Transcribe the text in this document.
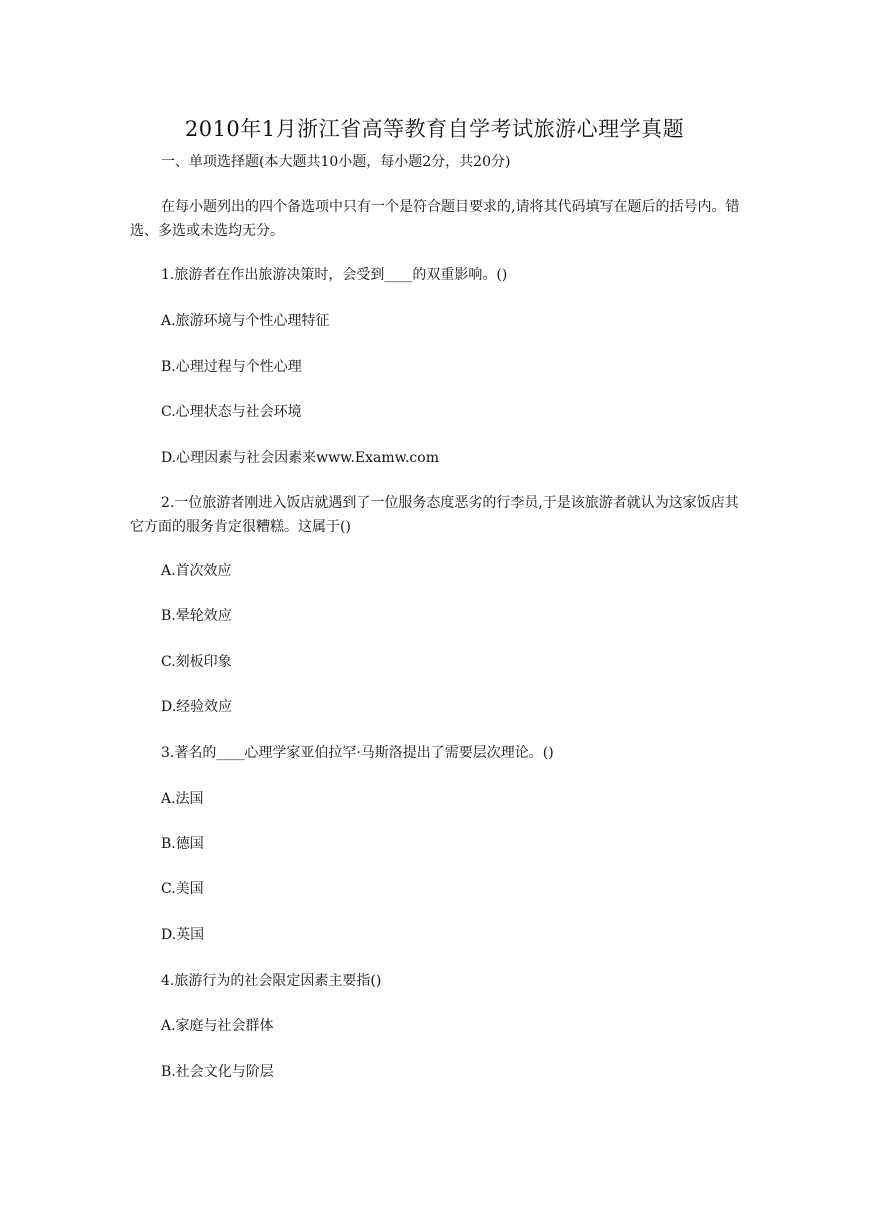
2010年1月浙江省高等教育自学考试旅游心理学真题

一、单项选择题(本大题共10小题，每小题2分，共20分)

在每小题列出的四个备选项中只有一个是符合题目要求的,请将其代码填写在题后的括号内。错选、多选或未选均无分。

1.旅游者在作出旅游决策时，会受到____的双重影响。()

A.旅游环境与个性心理特征

B.心理过程与个性心理

C.心理状态与社会环境

D.心理因素与社会因素来www.Examw.com

2.一位旅游者刚进入饭店就遇到了一位服务态度恶劣的行李员,于是该旅游者就认为这家饭店其它方面的服务肯定很糟糕。这属于()

A.首次效应

B.晕轮效应

C.刻板印象

D.经验效应

3.著名的____心理学家亚伯拉罕·马斯洛提出了需要层次理论。()

A.法国

B.德国

C.美国

D.英国

4.旅游行为的社会限定因素主要指()

A.家庭与社会群体

B.社会文化与阶层
